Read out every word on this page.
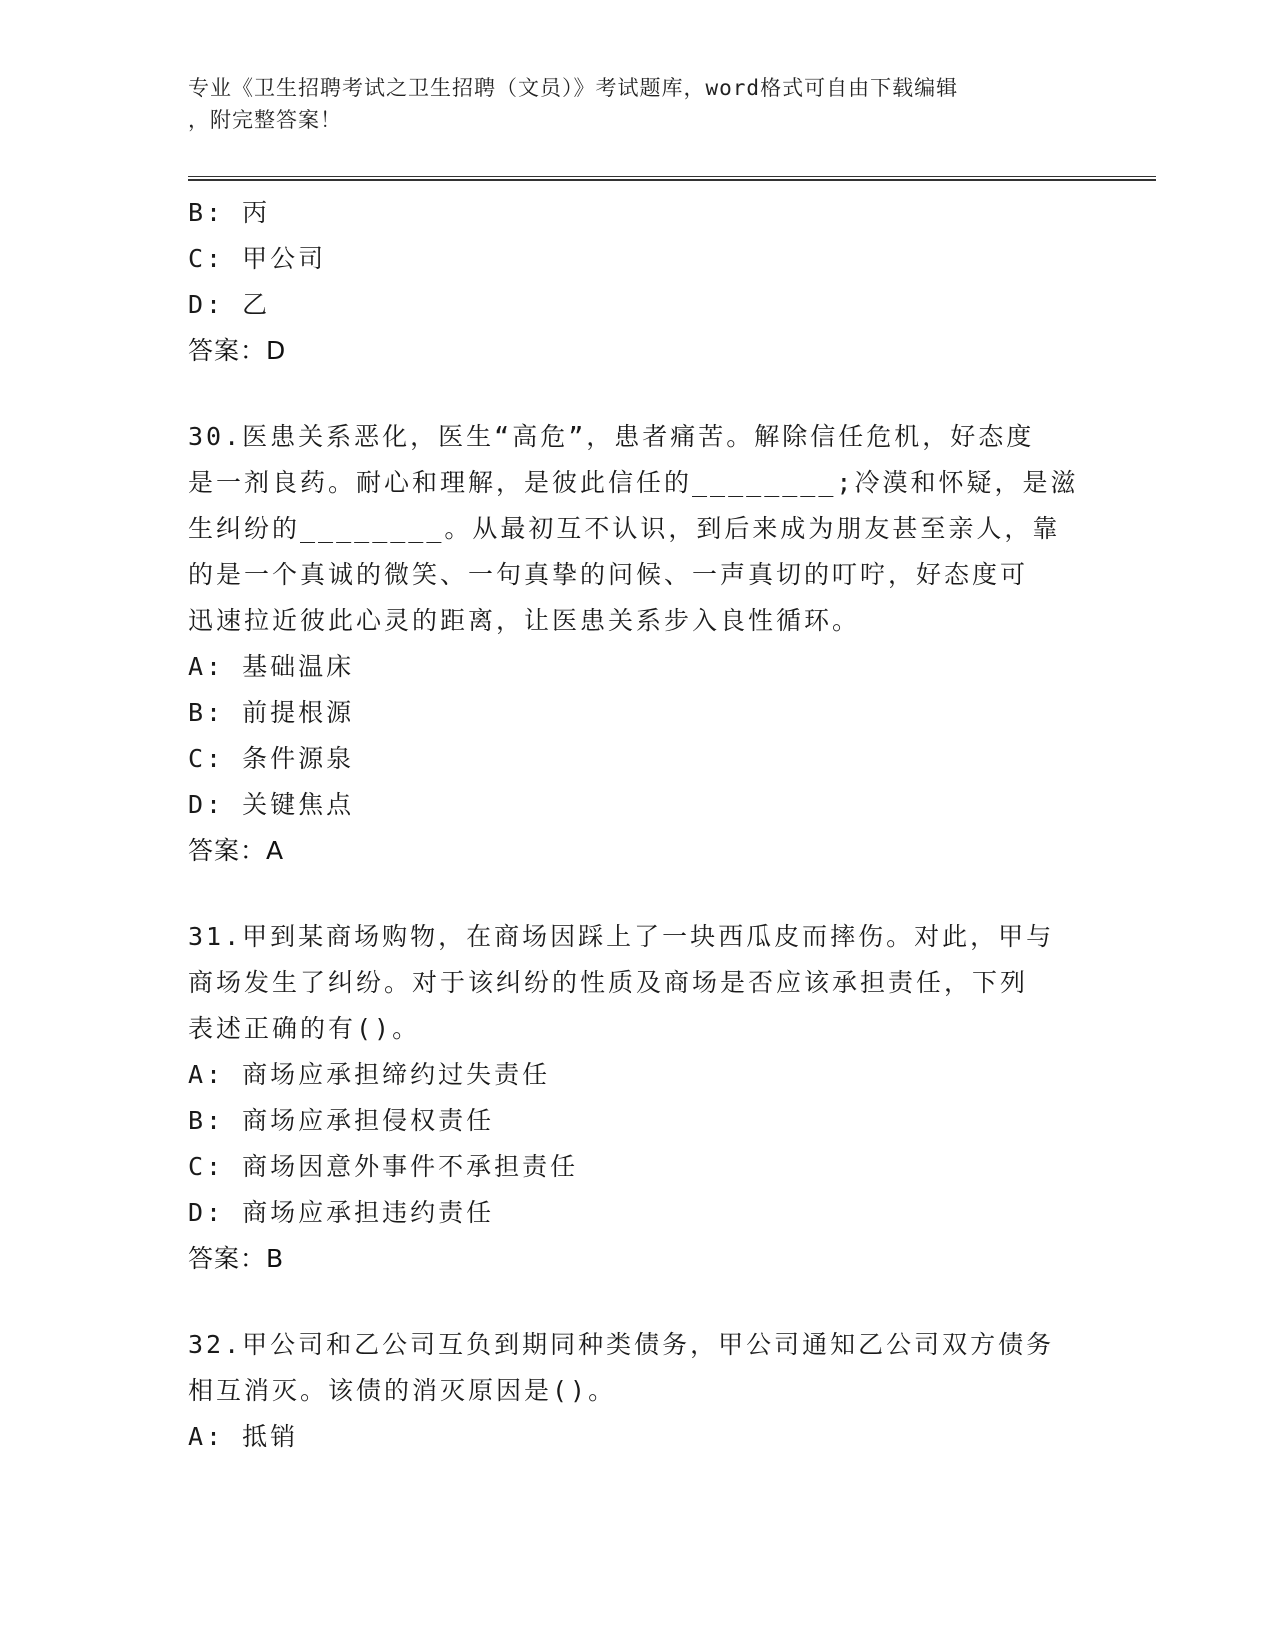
专业《卫生招聘考试之卫生招聘（文员）》考试题库，word格式可自由下载编辑
，附完整答案！
B: 丙
C: 甲公司
D: 乙
答案：D
30.医患关系恶化，医生“高危”，患者痛苦。解除信任危机，好态度
是一剂良药。耐心和理解，是彼此信任的________;冷漠和怀疑，是滋
生纠纷的________。从最初互不认识，到后来成为朋友甚至亲人，靠
的是一个真诚的微笑、一句真挚的问候、一声真切的叮咛，好态度可
迅速拉近彼此心灵的距离，让医患关系步入良性循环。
A: 基础温床
B: 前提根源
C: 条件源泉
D: 关键焦点
答案：A
31.甲到某商场购物，在商场因踩上了一块西瓜皮而摔伤。对此，甲与
商场发生了纠纷。对于该纠纷的性质及商场是否应该承担责任，下列
表述正确的有()。
A: 商场应承担缔约过失责任
B: 商场应承担侵权责任
C: 商场因意外事件不承担责任
D: 商场应承担违约责任
答案：B
32.甲公司和乙公司互负到期同种类债务，甲公司通知乙公司双方债务
相互消灭。该债的消灭原因是()。
A: 抵销
